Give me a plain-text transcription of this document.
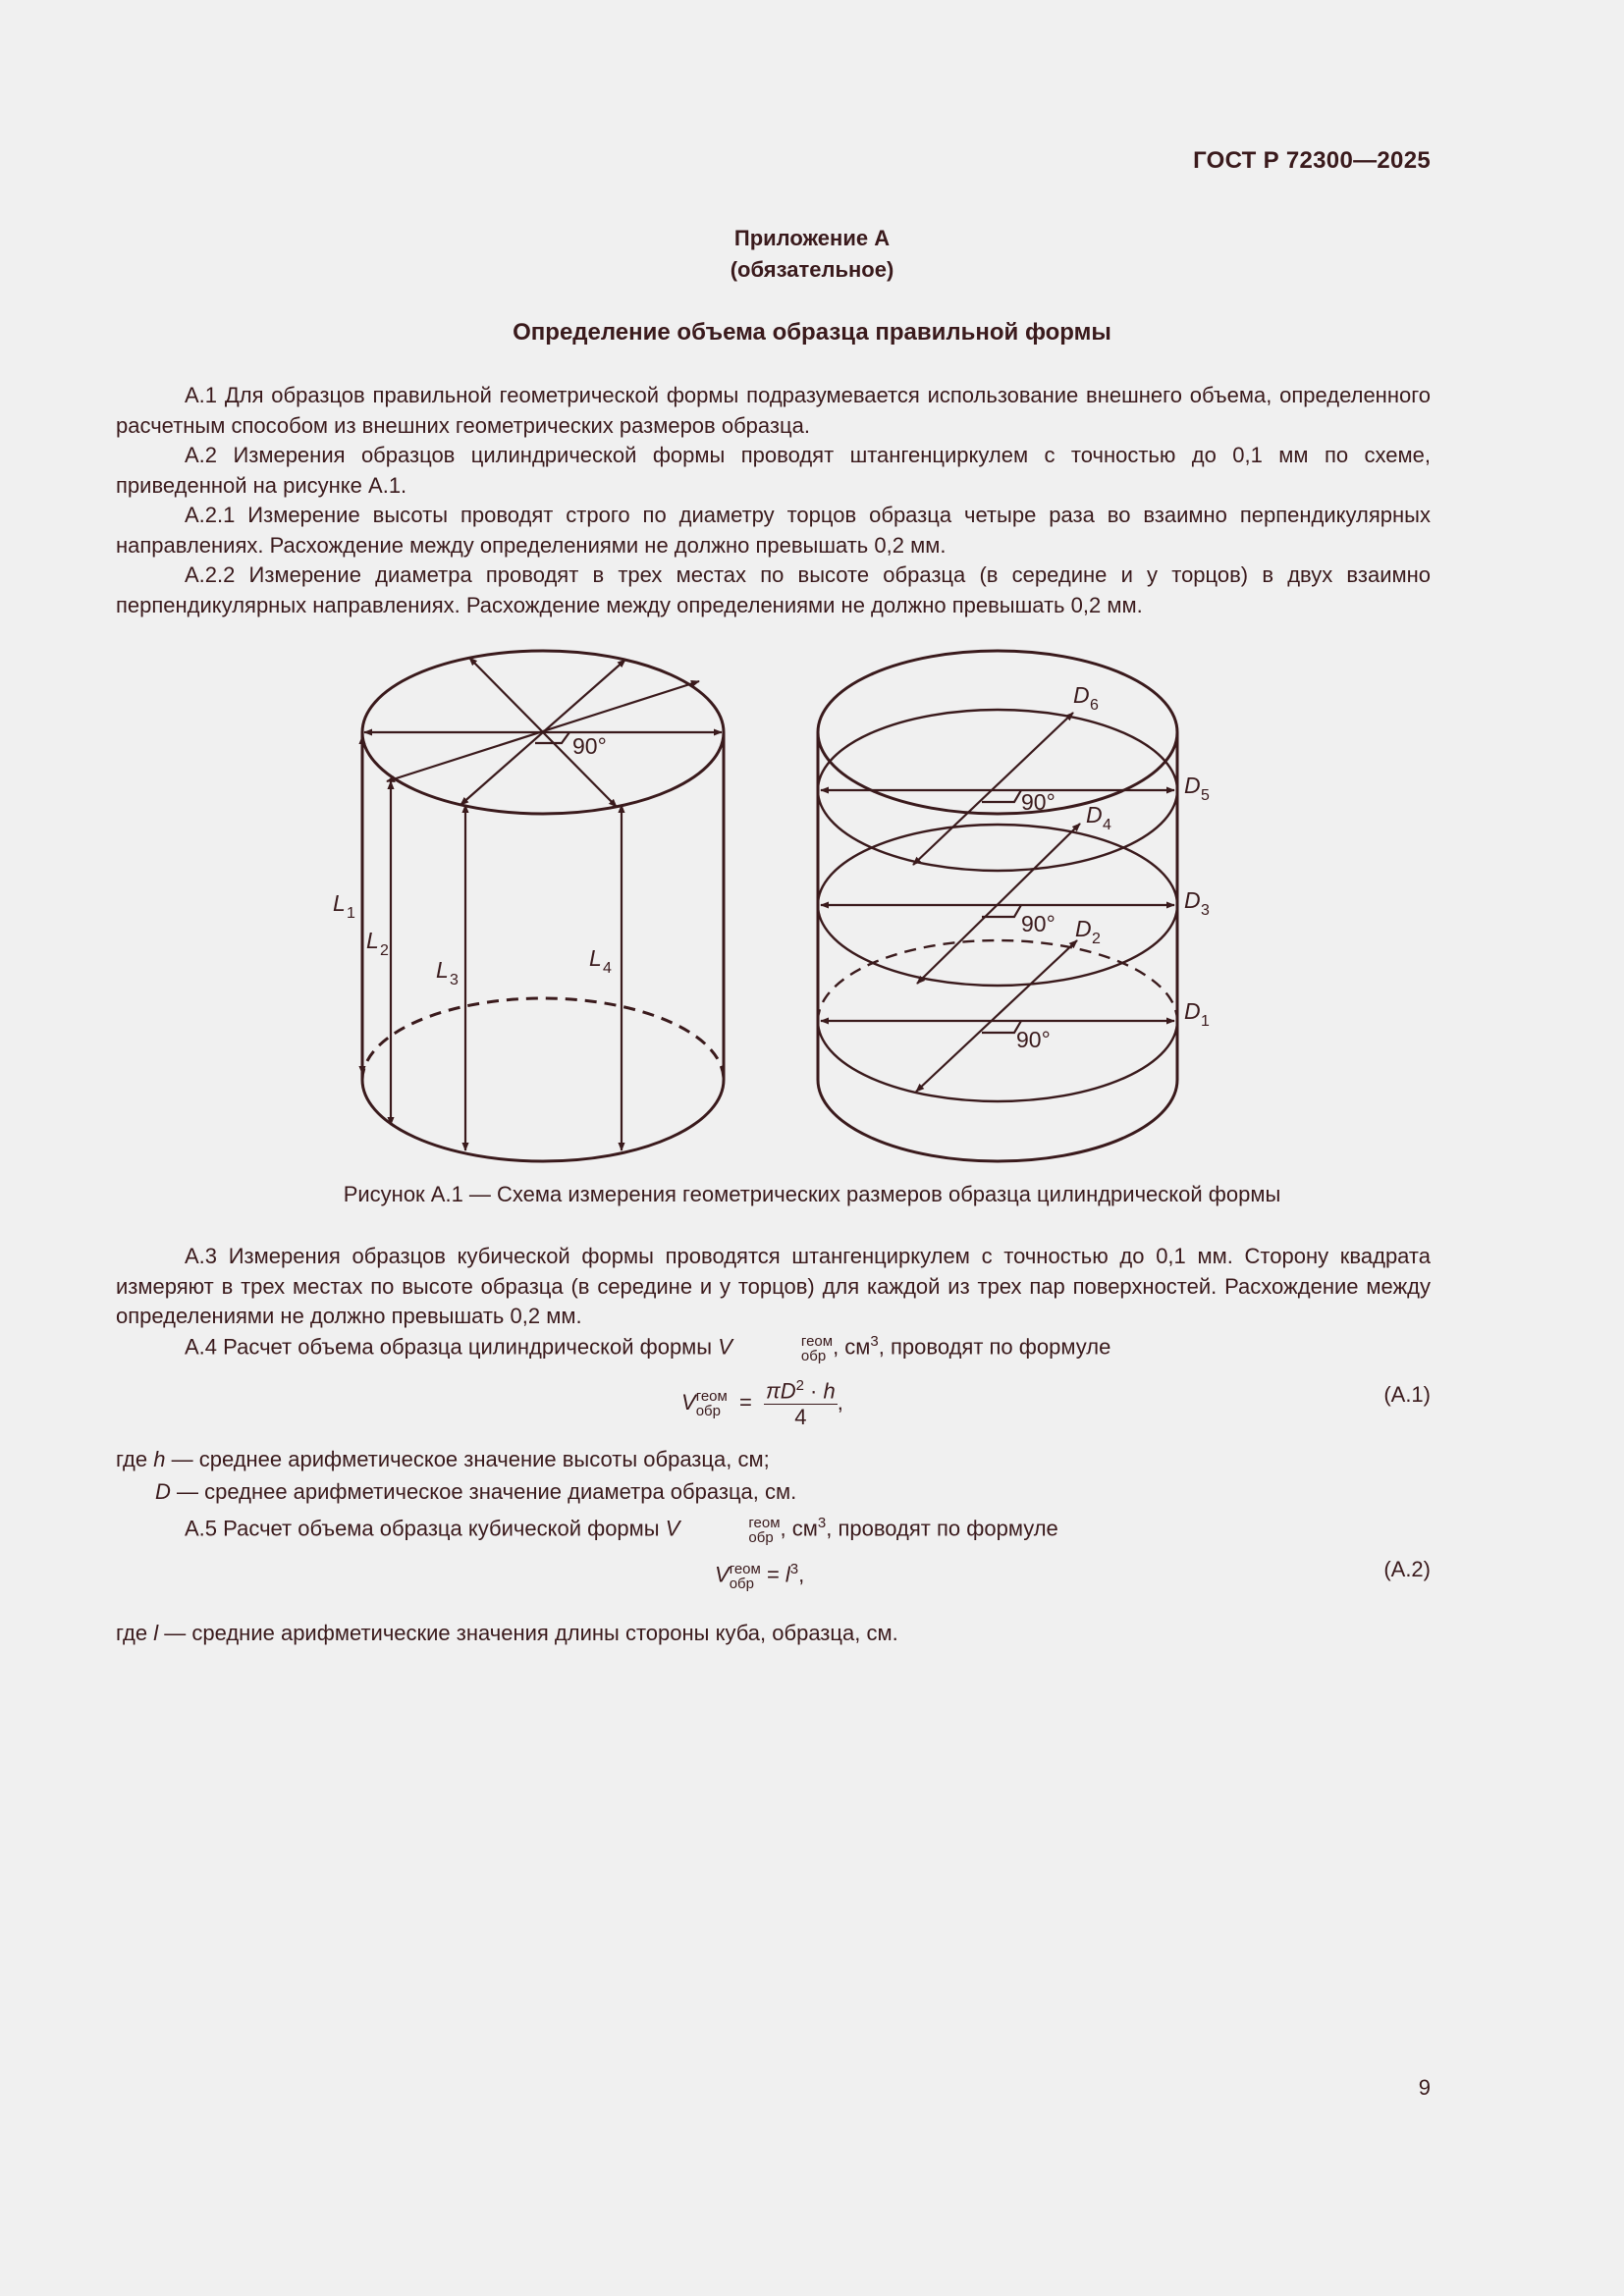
ГОСТ Р 72300—2025
Приложение А
(обязательное)
Определение объема образца правильной формы

А.1 Для образцов правильной геометрической формы подразумевается использование внешнего объема, определенного расчетным способом из внешних геометрических размеров образца.

А.2 Измерения образцов цилиндрической формы проводят штангенциркулем с точностью до 0,1 мм по схеме, приведенной на рисунке А.1.

А.2.1 Измерение высоты проводят строго по диаметру торцов образца четыре раза во взаимно перпендикулярных направлениях. Расхождение между определениями не должно превышать 0,2 мм.

А.2.2 Измерение диаметра проводят в трех местах по высоте образца (в середине и у торцов) в двух взаимно перпендикулярных направлениях. Расхождение между определениями не должно превышать 0,2 мм.

90°
90°
90°
90°
L
L
L	L
D
D
D
D
D
D
1
2
3
4
6
5
4
3
2
1
Рисунок А.1 — Схема измерения геометрических размеров образца цилиндрической формы

А.3 Измерения образцов кубической формы проводятся штангенциркулем с точностью до 0,1 мм. Сторону квадрата измеряют в трех местах по высоте образца (в середине и у торцов) для каждой из трех пар поверхностей. Расхождение между определениями не должно превышать 0,2 мм.

А.4 Расчет объема образца цилиндрической формы V	геом
обр , $см^3$, проводят по формуле

V геом
обр = $\frac{\pi D^2 \cdot h}{4}$ ,	(А.1)
где h — среднее арифметическое значение высоты образца, см;
D — среднее арифметическое значение диаметра образца, см.

А.5 Расчет объема образца кубической формы V	геом
обр , $см^3$, проводят по формуле

V геом
обр = $l^3$,	(А.2)
где l — средние арифметические значения длины стороны куба, образца, см.
9
